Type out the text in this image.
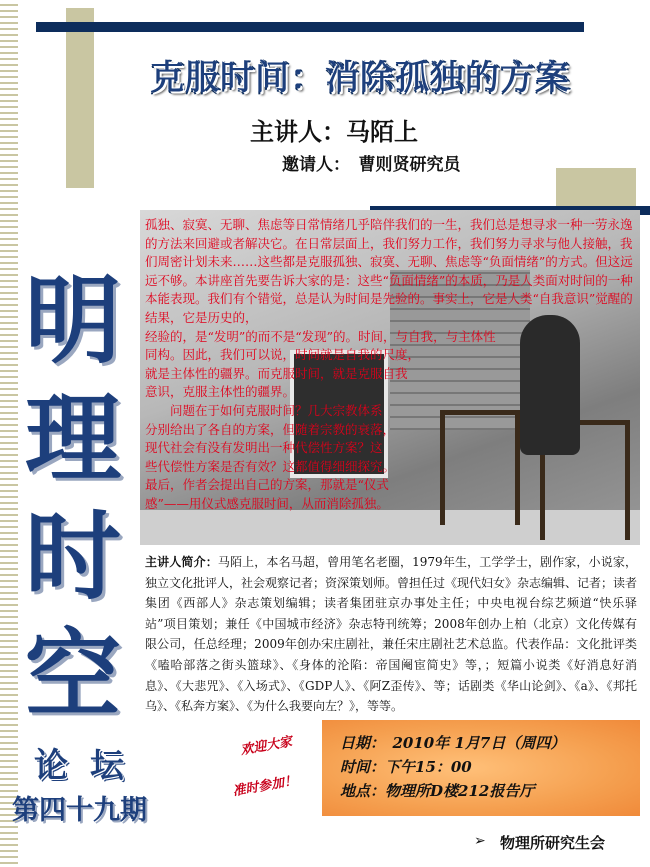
克服时间：消除孤独的方案
主讲人：马陌上
邀请人：　曹则贤研究员

孤独、寂寞、无聊、焦虑等日常情绪几乎陪伴我们的一生，我们总是想寻求一种一劳永逸的方法来回避或者解决它。在日常层面上，我们努力工作，我们努力寻求与他人接触，我们周密计划未来……这些都是克服孤独、寂寞、无聊、焦虑等“负面情绪”的方式。但这远远不够。本讲座首先要告诉大家的是：这些“负面情绪”的本质，乃是人类面对时间的一种本能表现。我们有个错觉，总是认为时间是先验的。事实上，它是人类“自我意识”觉醒的结果，它是历史的，

经验的，是“发明”的而不是“发现”的。时间，与自我，与主体性

同构。因此，我们可以说，时间就是自我的尺度，

就是主体性的疆界。而克服时间，就是克服自我

意识，克服主体性的疆界。

问题在于如何克服时间？几大宗教体系

分别给出了各自的方案，但随着宗教的衰落，

现代社会有没有发明出一种代偿性方案？这

些代偿性方案是否有效？这都值得细细探究。

最后，作者会提出自己的方案，那就是“仪式

感”——用仪式感克服时间，从而消除孤独。

明
理
时
空
主讲人简介：马陌上，本名马超，曾用笔名老圈，1979年生，工学学士，剧作家，小说家，独立文化批评人，社会观察记者；资深策划师。曾担任过《现代妇女》杂志编辑、记者；读者集团《西部人》杂志策划编辑；读者集团驻京办事处主任；中央电视台综艺频道“快乐驿站”项目策划；兼任《中国城市经济》杂志特刊统筹；2008年创办上柏（北京）文化传媒有限公司，任总经理；2009年创办宋庄剧社，兼任宋庄剧社艺术总监。代表作品：文化批评类《嗑哈部落之街头篮球》、《身体的沦陷：帝国阉宦简史》等，；短篇小说类《好消息好消息》、《大悲咒》、《入场式》、《GDP人》、《阿Z歪传》、等；话剧类《华山论剑》、《a》、《邦托乌》、《私奔方案》、《为什么我要向左？》，等等。
论坛
第四十九期
欢迎大家
准时参加！
日期：　2010年 1月7日（周四）
时间：下午15：00
地点：物理所D楼212报告厅
➢ 物理所研究生会
